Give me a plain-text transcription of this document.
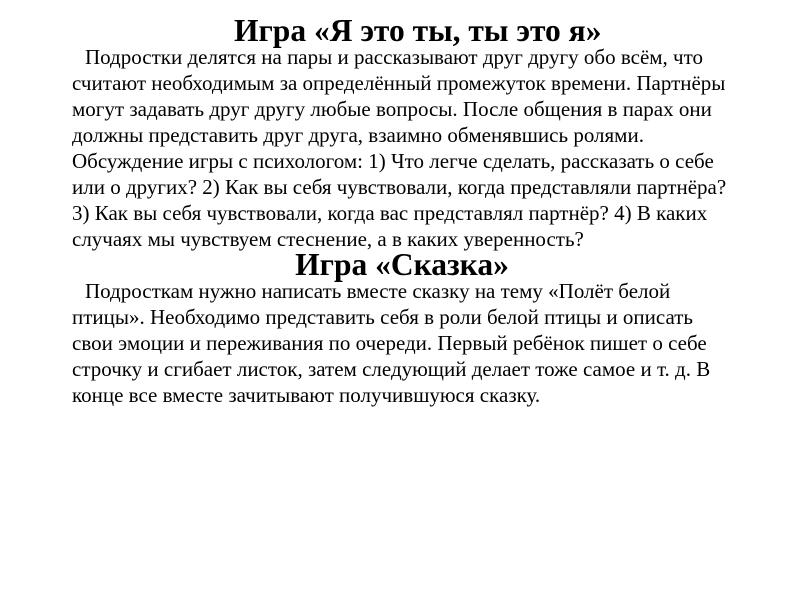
Игра «Я это ты, ты это я»

Подростки делятся на пары и рассказывают друг другу обо всём, что считают необходимым за определённый промежуток времени. Партнёры могут задавать друг другу любые вопросы. После общения в парах они должны представить друг друга, взаимно обменявшись ролями. Обсуждение игры с психологом: 1) Что легче сделать, рассказать о себе или о других? 2) Как вы себя чувствовали, когда представляли партнёра? 3) Как вы себя чувствовали, когда вас представлял партнёр? 4) В каких случаях мы чувствуем стеснение, а в каких уверенность?

Игра «Сказка»

Подросткам нужно написать вместе сказку на тему «Полёт белой птицы». Необходимо представить себя в роли белой птицы и описать свои эмоции и переживания по очереди. Первый ребёнок пишет о себе строчку и сгибает листок, затем следующий делает тоже самое и т. д. В конце все вместе зачитывают получившуюся сказку.
